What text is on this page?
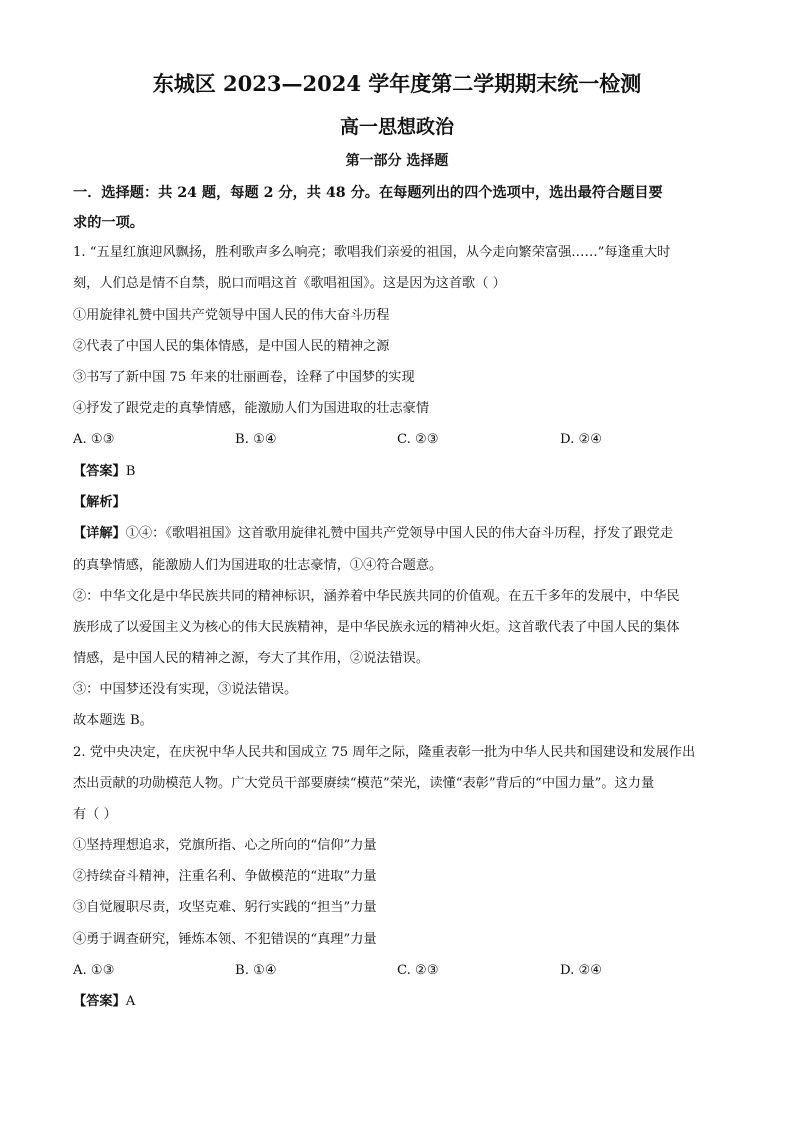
东城区 2023—2024 学年度第二学期期末统一检测
高一思想政治
第一部分 选择题
一．选择题：共 24 题，每题 2 分，共 48 分。在每题列出的四个选项中，选出最符合题目要
求的一项。
1. “五星红旗迎风飘扬，胜利歌声多么响亮；歌唱我们亲爱的祖国，从今走向繁荣富强……”每逢重大时
刻，人们总是情不自禁，脱口而唱这首《歌唱祖国》。这是因为这首歌（ ）
①用旋律礼赞中国共产党领导中国人民的伟大奋斗历程
②代表了中国人民的集体情感，是中国人民的精神之源
③书写了新中国 75 年来的壮丽画卷，诠释了中国梦的实现
④抒发了跟党走的真挚情感，能激励人们为国进取的壮志豪情
A. ①③	B. ①④	C. ②③	D. ②④
【答案】B
【解析】
【详解】①④：《歌唱祖国》这首歌用旋律礼赞中国共产党领导中国人民的伟大奋斗历程，抒发了跟党走
的真挚情感，能激励人们为国进取的壮志豪情，①④符合题意。
②：中华文化是中华民族共同的精神标识，涵养着中华民族共同的价值观。在五千多年的发展中，中华民
族形成了以爱国主义为核心的伟大民族精神，是中华民族永远的精神火炬。这首歌代表了中国人民的集体
情感，是中国人民的精神之源，夸大了其作用，②说法错误。
③：中国梦还没有实现，③说法错误。
故本题选 B。
2. 党中央决定，在庆祝中华人民共和国成立 75 周年之际，隆重表彰一批为中华人民共和国建设和发展作出
杰出贡献的功勋模范人物。广大党员干部要赓续“模范”荣光，读懂“表彰”背后的“中国力量”。这力量
有（ ）
①坚持理想追求，党旗所指、心之所向的“信仰”力量
②持续奋斗精神，注重名利、争做模范的“进取”力量
③自觉履职尽责，攻坚克难、躬行实践的“担当”力量
④勇于调查研究，锤炼本领、不犯错误的“真理”力量
A. ①③	B. ①④	C. ②③	D. ②④
【答案】A
